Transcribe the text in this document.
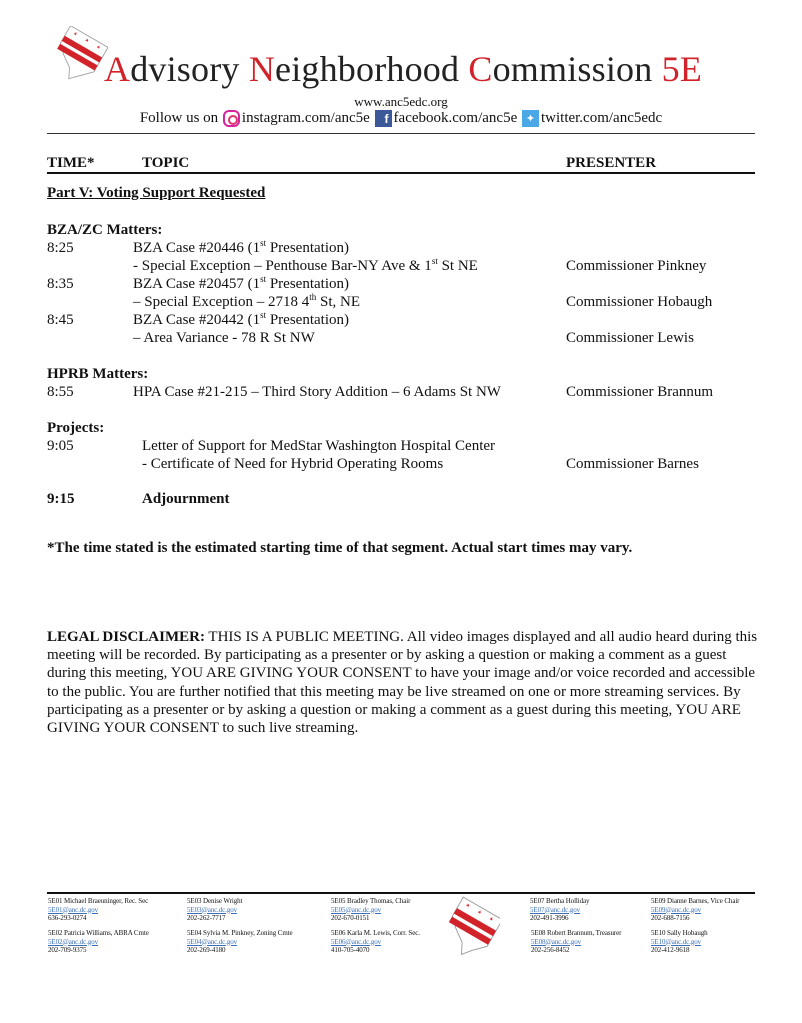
Advisory Neighborhood Commission 5E
www.anc5edc.org
Follow us on instagram.com/anc5e f facebook.com/anc5e ✦ twitter.com/anc5edc
TIME*	TOPIC	PRESENTER
Part V: Voting Support Requested
BZA/ZC Matters:
8:25	BZA Case #20446 (1st Presentation)
- Special Exception – Penthouse Bar-NY Ave & 1st St NE	Commissioner Pinkney
8:35	BZA Case #20457 (1st Presentation)
– Special Exception – 2718 4th St, NE	Commissioner Hobaugh
8:45	BZA Case #20442 (1st Presentation)
– Area Variance - 78 R St NW	Commissioner Lewis
HPRB Matters:
8:55	HPA Case #21-215 – Third Story Addition – 6 Adams St NW	Commissioner Brannum
Projects:
9:05	Letter of Support for MedStar Washington Hospital Center
- Certificate of Need for Hybrid Operating Rooms	Commissioner Barnes
9:15	Adjournment
*The time stated is the estimated starting time of that segment. Actual start times may vary.
LEGAL DISCLAIMER: THIS IS A PUBLIC MEETING. All video images displayed and all audio heard during this meeting will be recorded. By participating as a presenter or by asking a question or making a comment as a guest during this meeting, YOU ARE GIVING YOUR CONSENT to have your image and/or voice recorded and accessible to the public. You are further notified that this meeting may be live streamed on one or more streaming services. By participating as a presenter or by asking a question or making a comment as a guest during this meeting, YOU ARE GIVING YOUR CONSENT to such live streaming.
5E01 Michael Braeuninger, Rec. Sec
5E01@anc.dc.gov
636-293-0274
5E02 Patricia Williams, ABRA Cmte
5E02@anc.dc.gov
202-709-9375
5E03 Denise Wright
5E03@anc.dc.gov
202-262-7717
5E04 Sylvia M. Pinkney, Zoning Cmte
5E04@anc.dc.gov
202-269-4180
5E05 Bradley Thomas, Chair
5E05@anc.dc.gov
202-670-0151
5E06 Karla M. Lewis, Corr. Sec.
5E06@anc.dc.gov
410-705-4070
5E07 Bertha Holliday
5E07@anc.dc.gov
202-491-3996
5E08 Robert Brannum, Treasurer
5E08@anc.dc.gov
202-256-8452
5E09 Dianne Barnes, Vice Chair
5E09@anc.dc.gov
202-688-7156
5E10 Sally Hobaugh
5E10@anc.dc.gov
202-412-9618
